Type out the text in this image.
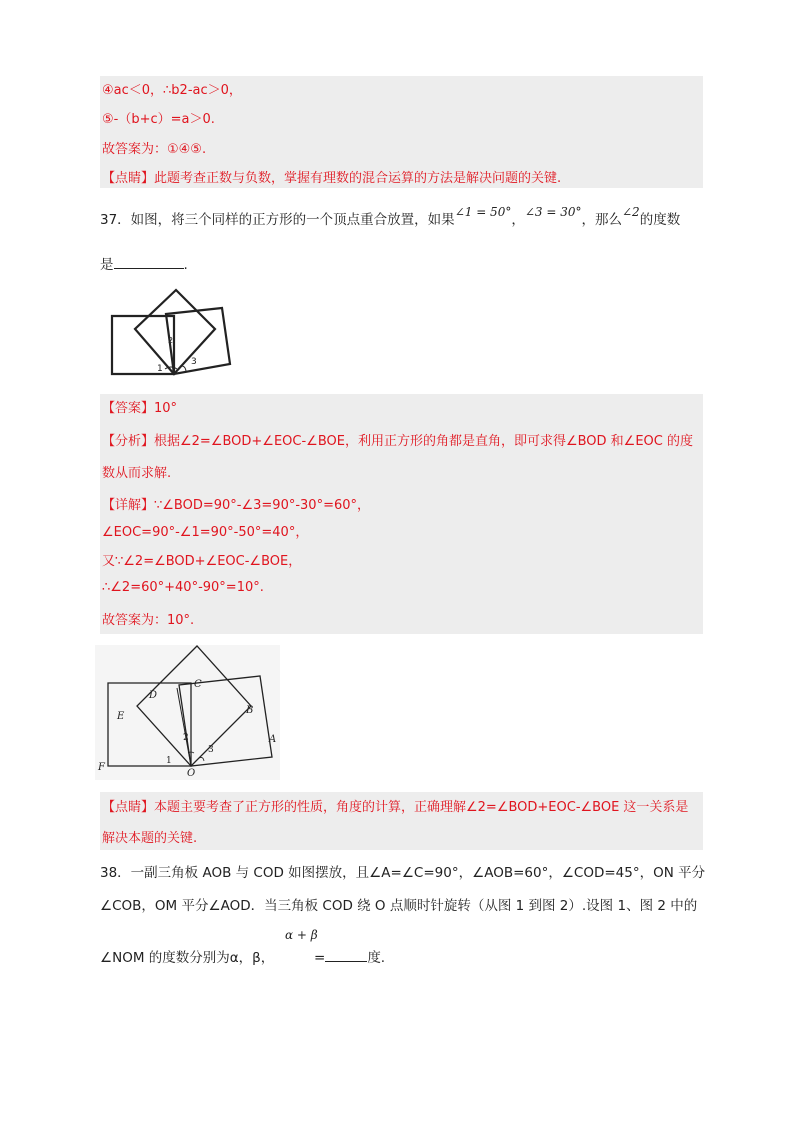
④ac＜0，∴b2-ac＞0，
⑤-（b+c）=a＞0.
故答案为：①④⑤.
【点睛】此题考查正数与负数，掌握有理数的混合运算的方法是解决问题的关键.
37．如图，将三个同样的正方形的一个顶点重合放置，如果∠1 = 50°，∠3 = 30°，那么∠2的度数
是	.
1
2
3
【答案】10°
【分析】根据∠2=∠BOD+∠EOC-∠BOE，利用正方形的角都是直角，即可求得∠BOD 和∠EOC 的度
数从而求解.
【详解】∵∠BOD=90°-∠3=90°-30°=60°，
∠EOC=90°-∠1=90°-50°=40°，
又∵∠2=∠BOD+∠EOC-∠BOE，
∴∠2=60°+40°-90°=10°.
故答案为：10°.
D
C
E
B
A
F
O
1
2
3
【点睛】本题主要考查了正方形的性质，角度的计算，正确理解∠2=∠BOD+EOC-∠BOE 这一关系是
解决本题的关键.
38．一副三角板 AOB 与 COD 如图摆放，且∠A=∠C=90°，∠AOB=60°，∠COD=45°，ON 平分
∠COB，OM 平分∠AOD．当三角板 COD 绕 O 点顺时针旋转（从图 1 到图 2）.设图 1、图 2 中的
∠NOM 的度数分别为α，β，
α + β
=	度.
